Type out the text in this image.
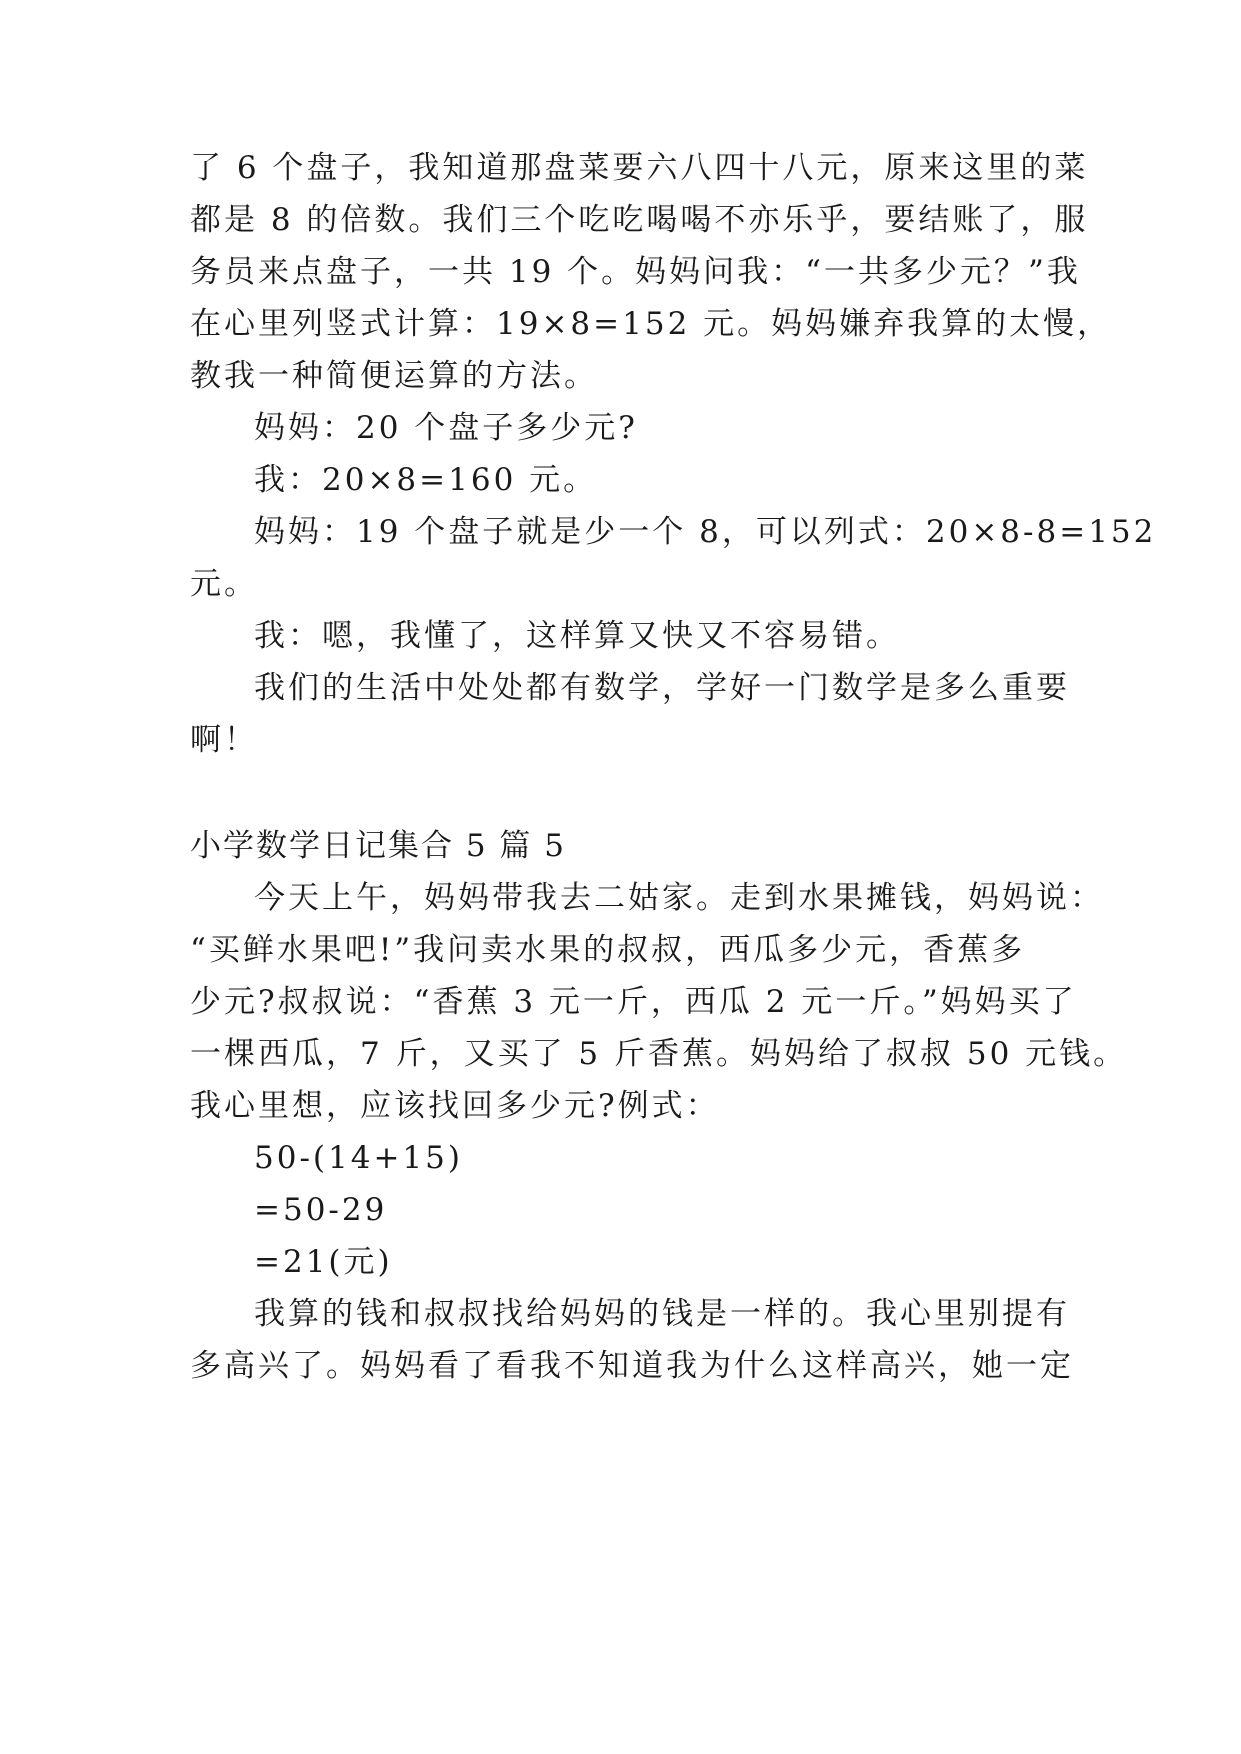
了 6 个盘子，我知道那盘菜要六八四十八元，原来这里的菜
都是 8 的倍数。我们三个吃吃喝喝不亦乐乎，要结账了，服
务员来点盘子，一共 19 个。妈妈问我：“一共多少元？”我
在心里列竖式计算：19×8=152 元。妈妈嫌弃我算的太慢，
教我一种简便运算的方法。
妈妈：20 个盘子多少元?
我：20×8=160 元。
妈妈：19 个盘子就是少一个 8，可以列式：20×8-8=152
元。
我：嗯，我懂了，这样算又快又不容易错。
我们的生活中处处都有数学，学好一门数学是多么重要
啊！
小学数学日记集合 5 篇 5
今天上午，妈妈带我去二姑家。走到水果摊钱，妈妈说：
“买鲜水果吧!”我问卖水果的叔叔，西瓜多少元，香蕉多
少元?叔叔说：“香蕉 3 元一斤，西瓜 2 元一斤。”妈妈买了
一棵西瓜，7 斤，又买了 5 斤香蕉。妈妈给了叔叔 50 元钱。
我心里想，应该找回多少元?例式：
50-(14+15)
=50-29
=21(元)
我算的钱和叔叔找给妈妈的钱是一样的。我心里别提有
多高兴了。妈妈看了看我不知道我为什么这样高兴，她一定
